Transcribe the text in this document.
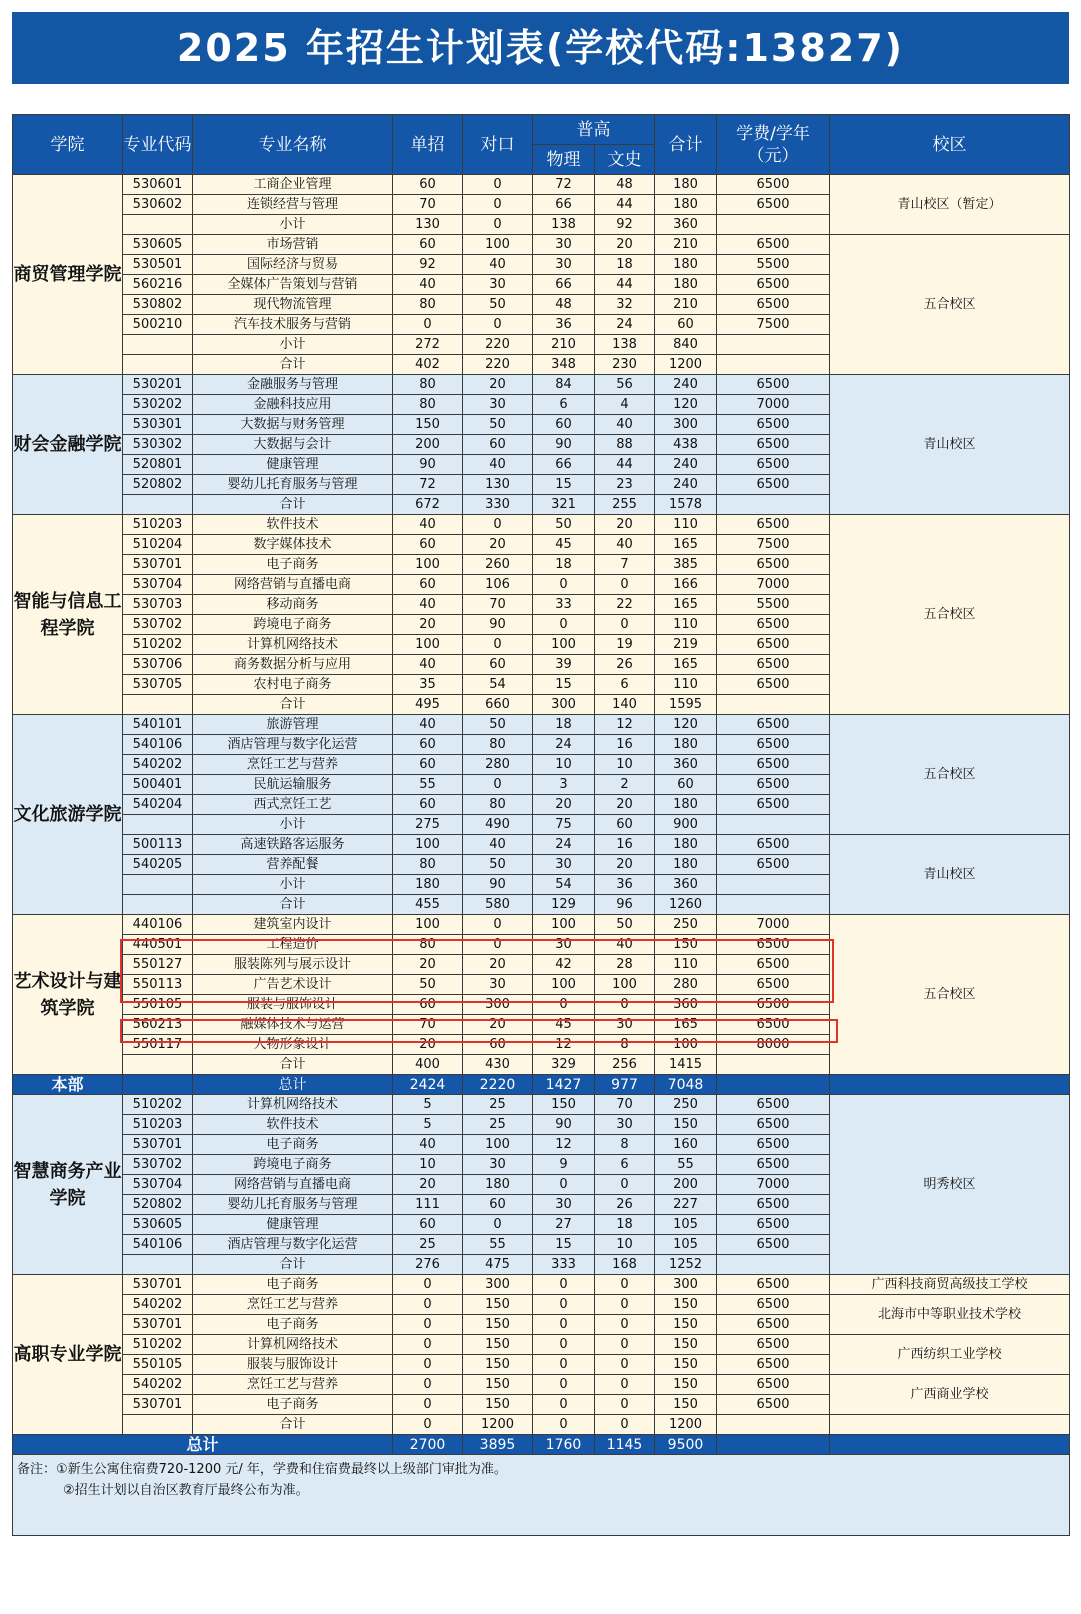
2025 年招生计划表(学校代码:13827)
学院	专业代码	专业名称	单招	对口	普高		合计	学费/学年（元）	校区
					物理	文史			
商贸管理学院	530601	工商企业管理	60	0	72	48	180	6500	青山校区（暂定）
	530602	连锁经营与管理	70	0	66	44	180	6500	
		小计	130	0	138	92	360		
	530605	市场营销	60	100	30	20	210	6500	五合校区
	530501	国际经济与贸易	92	40	30	18	180	5500	
	560216	全媒体广告策划与营销	40	30	66	44	180	6500	
	530802	现代物流管理	80	50	48	32	210	6500	
	500210	汽车技术服务与营销	0	0	36	24	60	7500	
		小计	272	220	210	138	840		
		合计	402	220	348	230	1200		
财会金融学院	530201	金融服务与管理	80	20	84	56	240	6500	青山校区
	530202	金融科技应用	80	30	6	4	120	7000	
	530301	大数据与财务管理	150	50	60	40	300	6500	
	530302	大数据与会计	200	60	90	88	438	6500	
	520801	健康管理	90	40	66	44	240	6500	
	520802	婴幼儿托育服务与管理	72	130	15	23	240	6500	
		合计	672	330	321	255	1578		
智能与信息工程学院	510203	软件技术	40	0	50	20	110	6500	五合校区
	510204	数字媒体技术	60	20	45	40	165	7500	
	530701	电子商务	100	260	18	7	385	6500	
	530704	网络营销与直播电商	60	106	0	0	166	7000	
	530703	移动商务	40	70	33	22	165	5500	
	530702	跨境电子商务	20	90	0	0	110	6500	
	510202	计算机网络技术	100	0	100	19	219	6500	
	530706	商务数据分析与应用	40	60	39	26	165	6500	
	530705	农村电子商务	35	54	15	6	110	6500	
		合计	495	660	300	140	1595		
文化旅游学院	540101	旅游管理	40	50	18	12	120	6500	五合校区
	540106	酒店管理与数字化运营	60	80	24	16	180	6500	
	540202	烹饪工艺与营养	60	280	10	10	360	6500	
	500401	民航运输服务	55	0	3	2	60	6500	
	540204	西式烹饪工艺	60	80	20	20	180	6500	
		小计	275	490	75	60	900		
	500113	高速铁路客运服务	100	40	24	16	180	6500	青山校区
	540205	营养配餐	80	50	30	20	180	6500	
		小计	180	90	54	36	360		
		合计	455	580	129	96	1260		
艺术设计与建筑学院	440106	建筑室内设计	100	0	100	50	250	7000	五合校区
	440501	工程造价	80	0	30	40	150	6500	
	550127	服装陈列与展示设计	20	20	42	28	110	6500	
	550113	广告艺术设计	50	30	100	100	280	6500	
	550105	服装与服饰设计	60	300	0	0	360	6500	
	560213	融媒体技术与运营	70	20	45	30	165	6500	
	550117	人物形象设计	20	60	12	8	100	8000	
		合计	400	430	329	256	1415		
本部		总计	2424	2220	1427	977	7048		
智慧商务产业学院	510202	计算机网络技术	5	25	150	70	250	6500	明秀校区
	510203	软件技术	5	25	90	30	150	6500	
	530701	电子商务	40	100	12	8	160	6500	
	530702	跨境电子商务	10	30	9	6	55	6500	
	530704	网络营销与直播电商	20	180	0	0	200	7000	
	520802	婴幼儿托育服务与管理	111	60	30	26	227	6500	
	530605	健康管理	60	0	27	18	105	6500	
	540106	酒店管理与数字化运营	25	55	15	10	105	6500	
		合计	276	475	333	168	1252		
高职专业学院	530701	电子商务	0	300	0	0	300	6500	广西科技商贸高级技工学校
	540202	烹饪工艺与营养	0	150	0	0	150	6500	北海市中等职业技术学校
	530701	电子商务	0	150	0	0	150	6500	
	510202	计算机网络技术	0	150	0	0	150	6500	广西纺织工业学校
	550105	服装与服饰设计	0	150	0	0	150	6500	
	540202	烹饪工艺与营养	0	150	0	0	150	6500	广西商业学校
	530701	电子商务	0	150	0	0	150	6500	
		合计	0	1200	0	0	1200		
总计			2700	3895	1760	1145	9500		

备注：①新生公寓住宿费720-1200 元/ 年，学费和住宿费最终以上级部门审批为准。
②招生计划以自治区教育厅最终公布为准。									
